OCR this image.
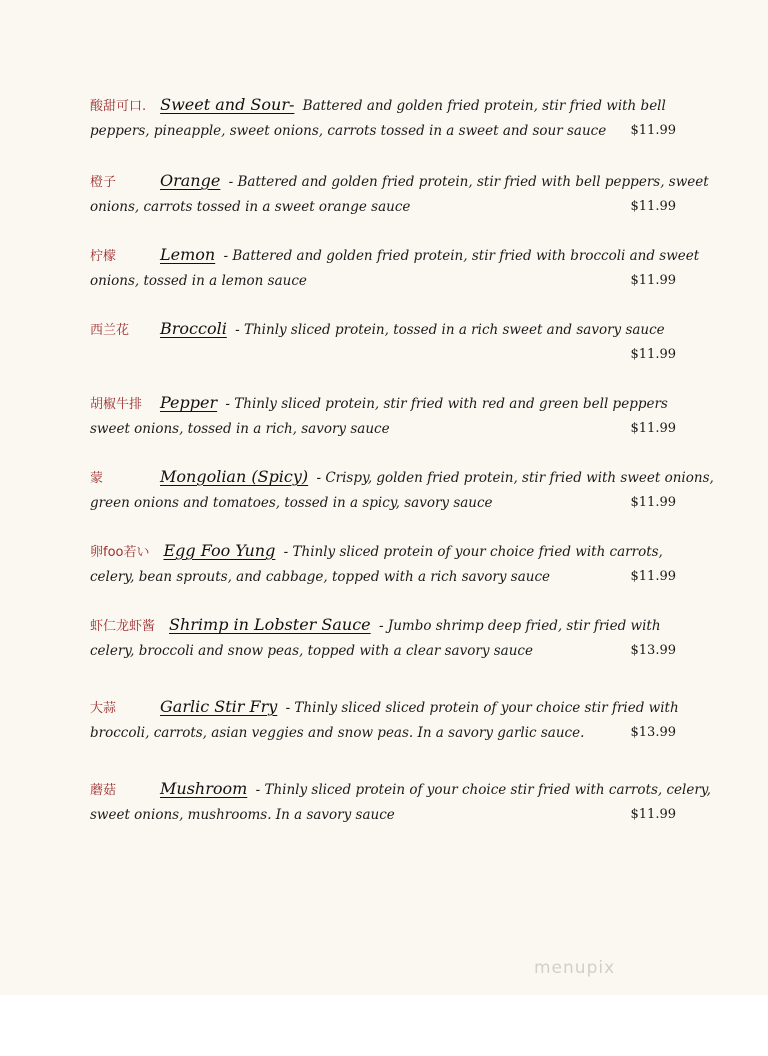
酸甜可口. Sweet and Sour- Battered and golden fried protein, stir fried with bell
peppers, pineapple, sweet onions, carrots tossed in a sweet and sour sauce $11.99
橙子	Orange - Battered and golden fried protein, stir fried with bell peppers, sweet
onions, carrots tossed in a sweet orange sauce	$11.99
柠檬	Lemon - Battered and golden fried protein, stir fried with broccoli and sweet
onions, tossed in a lemon sauce	$11.99
西兰花 Broccoli - Thinly sliced protein, tossed in a rich sweet and savory sauce
$11.99
胡椒牛排 Pepper - Thinly sliced protein, stir fried with red and green bell peppers
sweet onions, tossed in a rich, savory sauce	$11.99
蒙	Mongolian (Spicy) - Crispy, golden fried protein, stir fried with sweet onions,
green onions and tomatoes, tossed in a spicy, savory sauce	$11.99
卵foo若い Egg Foo Yung - Thinly sliced protein of your choice fried with carrots,
celery, bean sprouts, and cabbage, topped with a rich savory sauce	$11.99
虾仁龙虾酱 Shrimp in Lobster Sauce - Jumbo shrimp deep fried, stir fried with
celery, broccoli and snow peas, topped with a clear savory sauce	$13.99
大蒜	Garlic Stir Fry - Thinly sliced sliced protein of your choice stir fried with
broccoli, carrots, asian veggies and snow peas. In a savory garlic sauce.	$13.99
蘑菇	Mushroom - Thinly sliced protein of your choice stir fried with carrots, celery,
sweet onions, mushrooms. In a savory sauce	$11.99
menupix
